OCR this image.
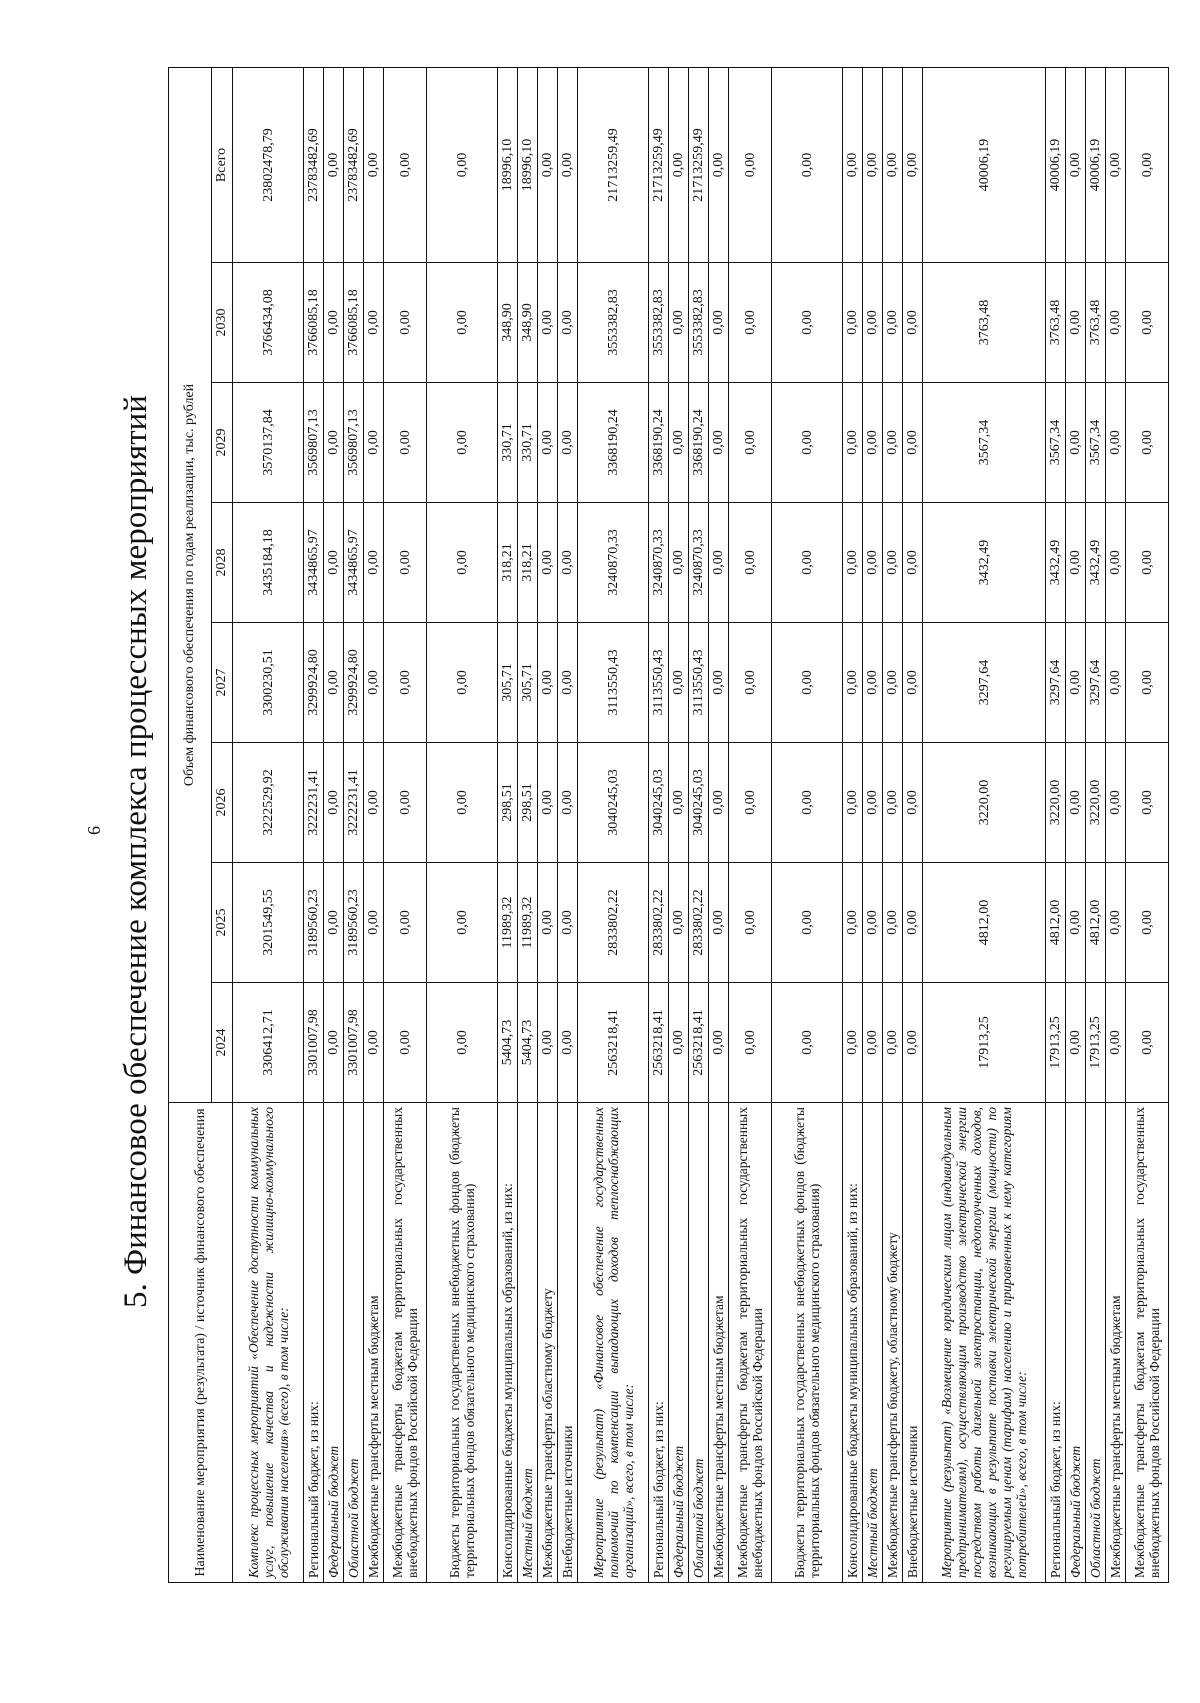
6 5. Финансовое обеспечение комплекса процессных мероприятий
Наименование мероприятия (результата) / источник финансового обеспечения	Объем финансового обеспечения по годам реализации, тыс. рублей							
	2024	2025	2026	2027	2028	2029	2030	Всего
Комплекс процессных мероприятий «Обеспечение доступности коммунальных услуг, повышение качества и надежности жилищно-коммунального обслуживания населения» (всего), в том числе:	3306412,71	3201549,55	3222529,92	3300230,51	3435184,18	3570137,84	3766434,08	23802478,79
Региональный бюджет, из них:	3301007,98	3189560,23	3222231,41	3299924,80	3434865,97	3569807,13	3766085,18	23783482,69
Федеральный бюджет	0,00	0,00	0,00	0,00	0,00	0,00	0,00	0,00
Областной бюджет	3301007,98	3189560,23	3222231,41	3299924,80	3434865,97	3569807,13	3766085,18	23783482,69
Межбюджетные трансферты местным бюджетам	0,00	0,00	0,00	0,00	0,00	0,00	0,00	0,00
Межбюджетные трансферты бюджетам территориальных государственных внебюджетных фондов Российской Федерации	0,00	0,00	0,00	0,00	0,00	0,00	0,00	0,00
Бюджеты территориальных государственных внебюджетных фондов (бюджеты территориальных фондов обязательного медицинского страхования)	0,00	0,00	0,00	0,00	0,00	0,00	0,00	0,00
Консолидированные бюджеты муниципальных образований, из них:	5404,73	11989,32	298,51	305,71	318,21	330,71	348,90	18996,10
Местный бюджет	5404,73	11989,32	298,51	305,71	318,21	330,71	348,90	18996,10
Межбюджетные трансферты областному бюджету	0,00	0,00	0,00	0,00	0,00	0,00	0,00	0,00
Внебюджетные источники	0,00	0,00	0,00	0,00	0,00	0,00	0,00	0,00
Мероприятие (результат) «Финансовое обеспечение государственных полномочий по компенсации выпадающих доходов теплоснабжающих организаций», всего, в том числе:	2563218,41	2833802,22	3040245,03	3113550,43	3240870,33	3368190,24	3553382,83	21713259,49
Региональный бюджет, из них:	2563218,41	2833802,22	3040245,03	3113550,43	3240870,33	3368190,24	3553382,83	21713259,49
Федеральный бюджет	0,00	0,00	0,00	0,00	0,00	0,00	0,00	0,00
Областной бюджет	2563218,41	2833802,22	3040245,03	3113550,43	3240870,33	3368190,24	3553382,83	21713259,49
Межбюджетные трансферты местным бюджетам	0,00	0,00	0,00	0,00	0,00	0,00	0,00	0,00
Межбюджетные трансферты бюджетам территориальных государственных внебюджетных фондов Российской Федерации	0,00	0,00	0,00	0,00	0,00	0,00	0,00	0,00
Бюджеты территориальных государственных внебюджетных фондов (бюджеты территориальных фондов обязательного медицинского страхования)	0,00	0,00	0,00	0,00	0,00	0,00	0,00	0,00
Консолидированные бюджеты муниципальных образований, из них:	0,00	0,00	0,00	0,00	0,00	0,00	0,00	0,00
Местный бюджет	0,00	0,00	0,00	0,00	0,00	0,00	0,00	0,00
Межбюджетные трансферты бюджету, областному бюджету	0,00	0,00	0,00	0,00	0,00	0,00	0,00	0,00
Внебюджетные источники	0,00	0,00	0,00	0,00	0,00	0,00	0,00	0,00
Мероприятие (результат) «Возмещение юридическим лицам (индивидуальным предпринимателям), осуществляющим производство электрической энергии посредством работы дизельной электростанции, недополученных доходов, возникающих в результате поставки электрической энергии (мощности) по регулируемым ценам (тарифам) населению и приравненных к нему категориям потребителей», всего, в том числе:	17913,25	4812,00	3220,00	3297,64	3432,49	3567,34	3763,48	40006,19
Региональный бюджет, из них:	17913,25	4812,00	3220,00	3297,64	3432,49	3567,34	3763,48	40006,19
Федеральный бюджет	0,00	0,00	0,00	0,00	0,00	0,00	0,00	0,00
Областной бюджет	17913,25	4812,00	3220,00	3297,64	3432,49	3567,34	3763,48	40006,19
Межбюджетные трансферты местным бюджетам	0,00	0,00	0,00	0,00	0,00	0,00	0,00	0,00
Межбюджетные трансферты бюджетам территориальных государственных внебюджетных фондов Российской Федерации	0,00	0,00	0,00	0,00	0,00	0,00	0,00	0,00
